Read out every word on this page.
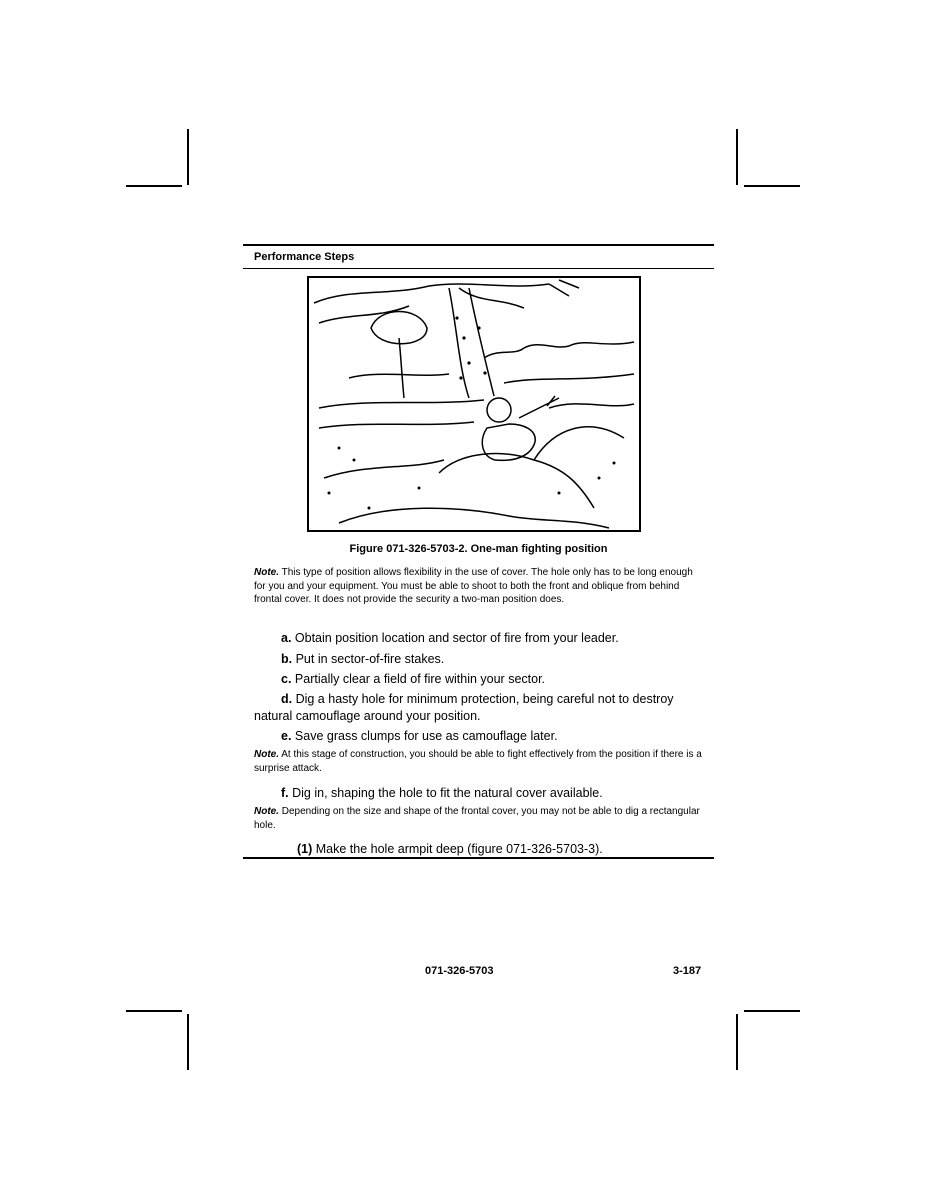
Performance Steps
Figure 071-326-5703-2. One-man fighting position
Note. This type of position allows flexibility in the use of cover. The hole only has to be long enough for you and your equipment. You must be able to shoot to both the front and oblique from behind frontal cover. It does not provide the security a two-man position does.
a. Obtain position location and sector of fire from your leader.
b. Put in sector-of-fire stakes.
c. Partially clear a field of fire within your sector.
d. Dig a hasty hole for minimum protection, being careful not to destroy natural camouflage around your position.
e. Save grass clumps for use as camouflage later.
Note. At this stage of construction, you should be able to fight effectively from the position if there is a surprise attack.
f. Dig in, shaping the hole to fit the natural cover available.
Note. Depending on the size and shape of the frontal cover, you may not be able to dig a rectangular hole.
(1) Make the hole armpit deep (figure 071-326-5703-3).
071-326-5703	3-187
